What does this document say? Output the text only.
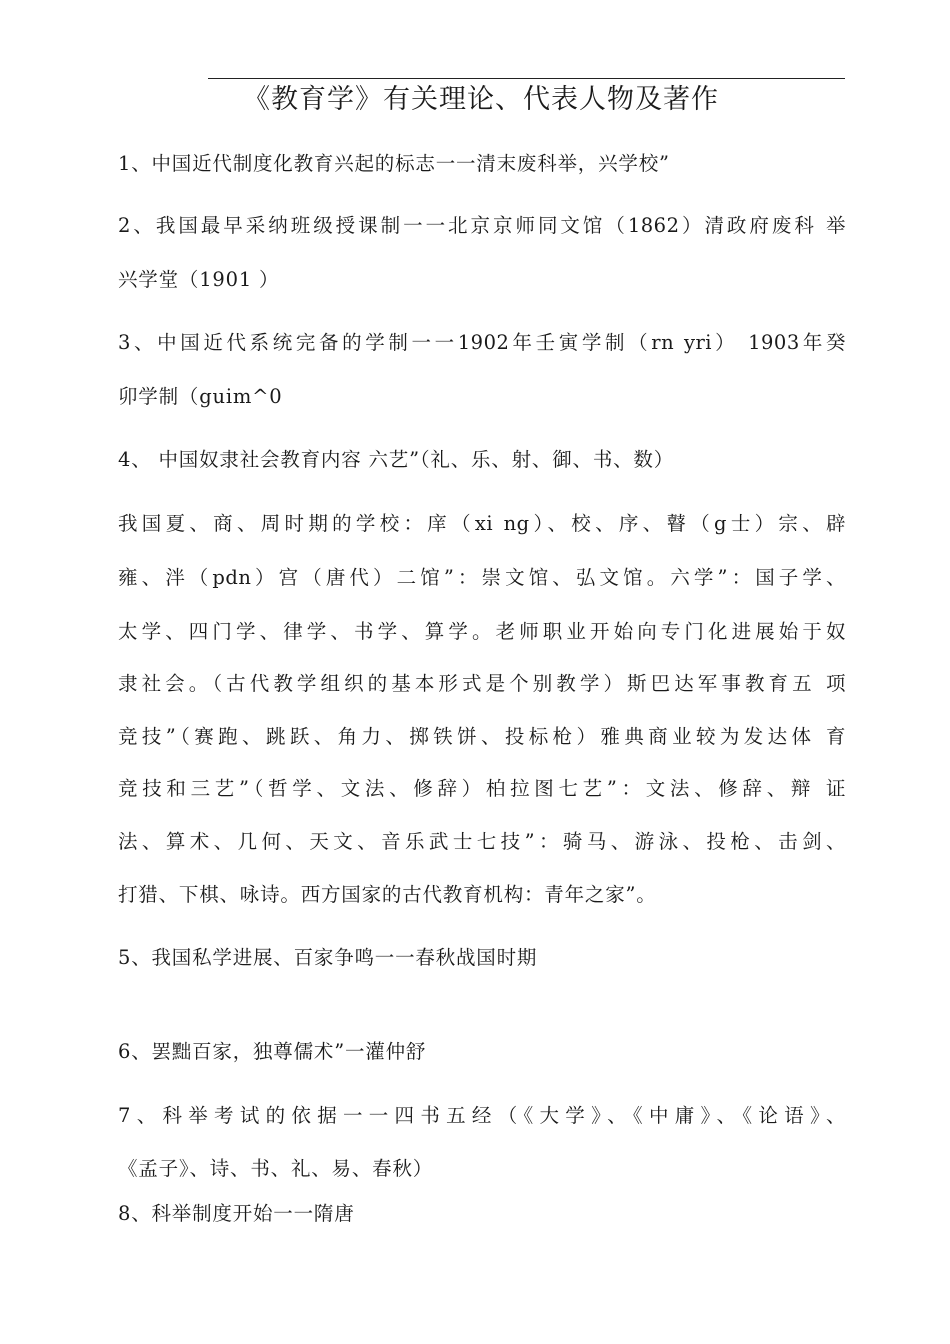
《教育学》有关理论、代表人物及著作
1、中国近代制度化教育兴起的标志一一清末废科举，兴学校”
2、我国最早采纳班级授课制一一北京京师同文馆（1862）清政府废科 举
兴学堂（1901 ）
3、中国近代系统完备的学制一一1902年壬寅学制（rn yri） 1903年癸
卯学制（guim^0
4、 中国奴隶社会教育内容 六艺”（礼、乐、射、御、书、数）
我国夏、商、周时期的学校：庠（xi ng）、校、序、瞽（g士）宗、辟
雍、泮（pdn）宫（唐代）二馆”：崇文馆、弘文馆。六学”：国子学、
太学、四门学、律学、书学、算学。老师职业开始向专门化进展始于奴
隶社会。（古代教学组织的基本形式是个别教学）斯巴达军事教育五 项
竞技”（赛跑、跳跃、角力、掷铁饼、投标枪）雅典商业较为发达体 育
竞技和三艺”（哲学、文法、修辞）柏拉图七艺”：文法、修辞、辩 证
法、算术、几何、天文、音乐武士七技”：骑马、游泳、投枪、击剑、
打猎、下棋、咏诗。西方国家的古代教育机构：青年之家”。
5、我国私学进展、百家争鸣一一春秋战国时期
6、罢黜百家，独尊儒术”一灌仲舒
7、科举考试的依据一一四书五经（《大学》、《中庸》、《论语》、
《孟子》、诗、书、礼、易、春秋）
8、科举制度开始一一隋唐
